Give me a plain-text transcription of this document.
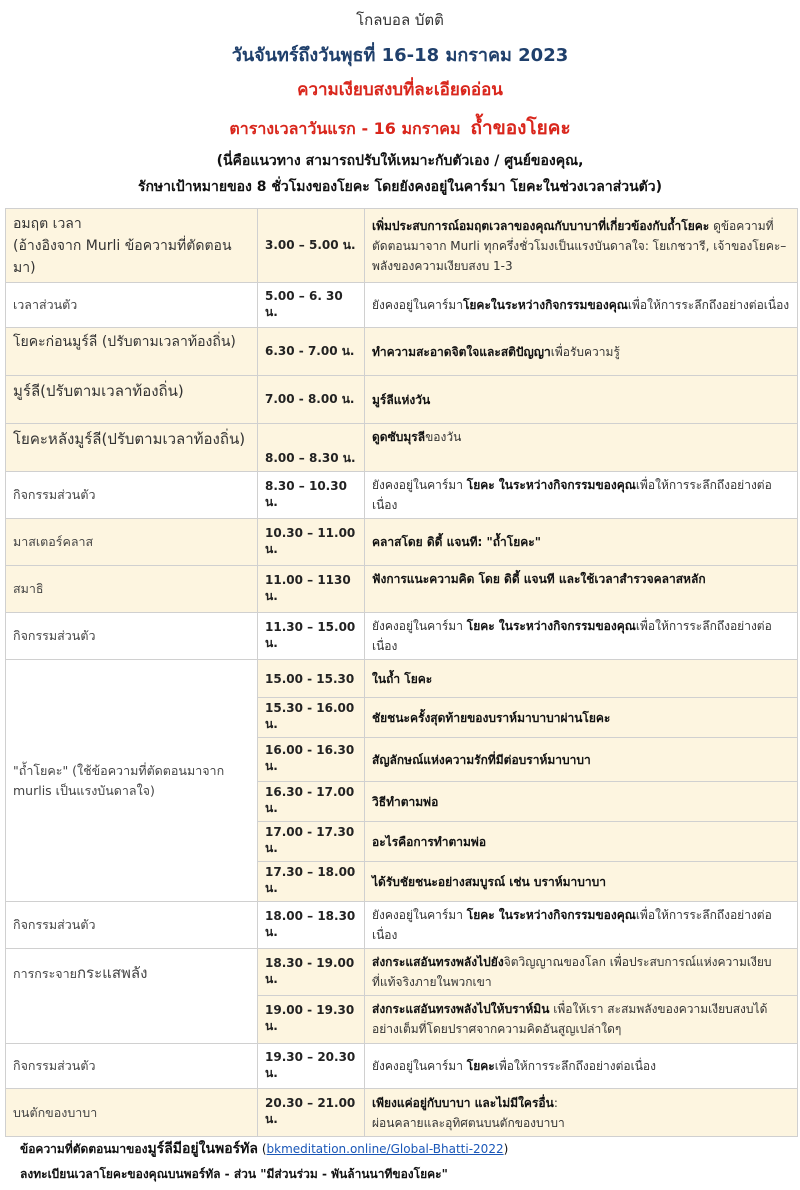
โกลบอล บัตติ
วันจันทร์ถึงวันพุธที่ 16-18 มกราคม 2023
ความเงียบสงบที่ละเอียดอ่อน
ตารางเวลาวันแรก - 16 มกราคม ถ้ำของโยคะ
(นี่คือแนวทาง สามารถปรับให้เหมาะกับตัวเอง / ศูนย์ของคุณ,
รักษาเป้าหมายของ 8 ชั่วโมงของโยคะ โดยยังคงอยู่ในคาร์มา โยคะในช่วงเวลาส่วนตัว)
อมฤต เวลา
(อ้างอิงจาก Murli ข้อความที่ตัดตอนมา)	3.00 – 5.00 น.	เพิ่มประสบการณ์อมฤตเวลาของคุณกับบาบาที่เกี่ยวข้องกับถ้ำโยคะ ดูข้อความที่ตัดตอนมาจาก Murli ทุกครึ่งชั่วโมงเป็นแรงบันดาลใจ: โยเกชวารี, เจ้าของโยคะ– พลังของความเงียบสงบ 1-3
เวลาส่วนตัว	5.00 – 6. 30 น.	ยังคงอยู่ในคาร์มาโยคะในระหว่างกิจกรรมของคุณเพื่อให้การระลึกถึงอย่างต่อเนื่อง
โยคะก่อนมูร์ลี (ปรับตามเวลาท้องถิ่น)	6.30 - 7.00 น.	ทำความสะอาดจิตใจและสติปัญญาเพื่อรับความรู้
มูร์ลี(ปรับตามเวลาท้องถิ่น)	7.00 - 8.00 น.	มูร์ลีแห่งวัน
โยคะหลังมูร์ลี(ปรับตามเวลาท้องถิ่น)	8.00 – 8.30 น.	ดูดซับมุรลีของวัน
กิจกรรมส่วนตัว	8.30 – 10.30 น.	ยังคงอยู่ในคาร์มา โยคะ ในระหว่างกิจกรรมของคุณเพื่อให้การระลึกถึงอย่างต่อเนื่อง
มาสเตอร์คลาส	10.30 – 11.00 น.	คลาสโดย ดิดี้ แจนที: "ถ้ำโยคะ"
สมาธิ	11.00 – 1130 น.	ฟังการแนะความคิด โดย ดิดี้ แจนที และใช้เวลาสำรวจคลาสหลัก
กิจกรรมส่วนตัว	11.30 – 15.00 น.	ยังคงอยู่ในคาร์มา โยคะ ในระหว่างกิจกรรมของคุณเพื่อให้การระลึกถึงอย่างต่อเนื่อง
"ถ้ำโยคะ" (ใช้ข้อความที่ตัดตอนมาจาก murlis เป็นแรงบันดาลใจ)	15.00 - 15.30	ในถ้ำ โยคะ
	15.30 - 16.00 น.	ชัยชนะครั้งสุดท้ายของบราห์มาบาบาผ่านโยคะ
	16.00 - 16.30 น.	สัญลักษณ์แห่งความรักที่มีต่อบราห์มาบาบา
	16.30 - 17.00 น.	วิธีทำตามพ่อ
	17.00 - 17.30 น.	อะไรคือการทำตามพ่อ
	17.30 – 18.00 น.	ได้รับชัยชนะอย่างสมบูรณ์ เช่น บราห์มาบาบา
กิจกรรมส่วนตัว	18.00 – 18.30 น.	ยังคงอยู่ในคาร์มา โยคะ ในระหว่างกิจกรรมของคุณเพื่อให้การระลึกถึงอย่างต่อเนื่อง
การกระจายกระแสพลัง	18.30 - 19.00 น.	ส่งกระแสอันทรงพลังไปยังจิตวิญญาณของโลก เพื่อประสบการณ์แห่งความเงียบที่แท้จริงภายในพวกเขา
	19.00 - 19.30 น.	ส่งกระแสอันทรงพลังไปให้บราห์มิน เพื่อให้เรา สะสมพลังของความเงียบสงบได้อย่างเต็มที่โดยปราศจากความคิดอันสูญเปล่าใดๆ
กิจกรรมส่วนตัว	19.30 – 20.30 น.	ยังคงอยู่ในคาร์มา โยคะเพื่อให้การระลึกถึงอย่างต่อเนื่อง
บนตักของบาบา	20.30 – 21.00 น.	เพียงแค่อยู่กับบาบา และไม่มีใครอื่น:
ผ่อนคลายและอุทิศตนบนตักของบาบา
ข้อความที่ตัดตอนมาของมูร์ลีมีอยู่ในพอร์ทัล (bkmeditation.online/Global-Bhatti-2022)
ลงทะเบียนเวลาโยคะของคุณบนพอร์ทัล - ส่วน "มีส่วนร่วม - พันล้านนาทีของโยคะ"
